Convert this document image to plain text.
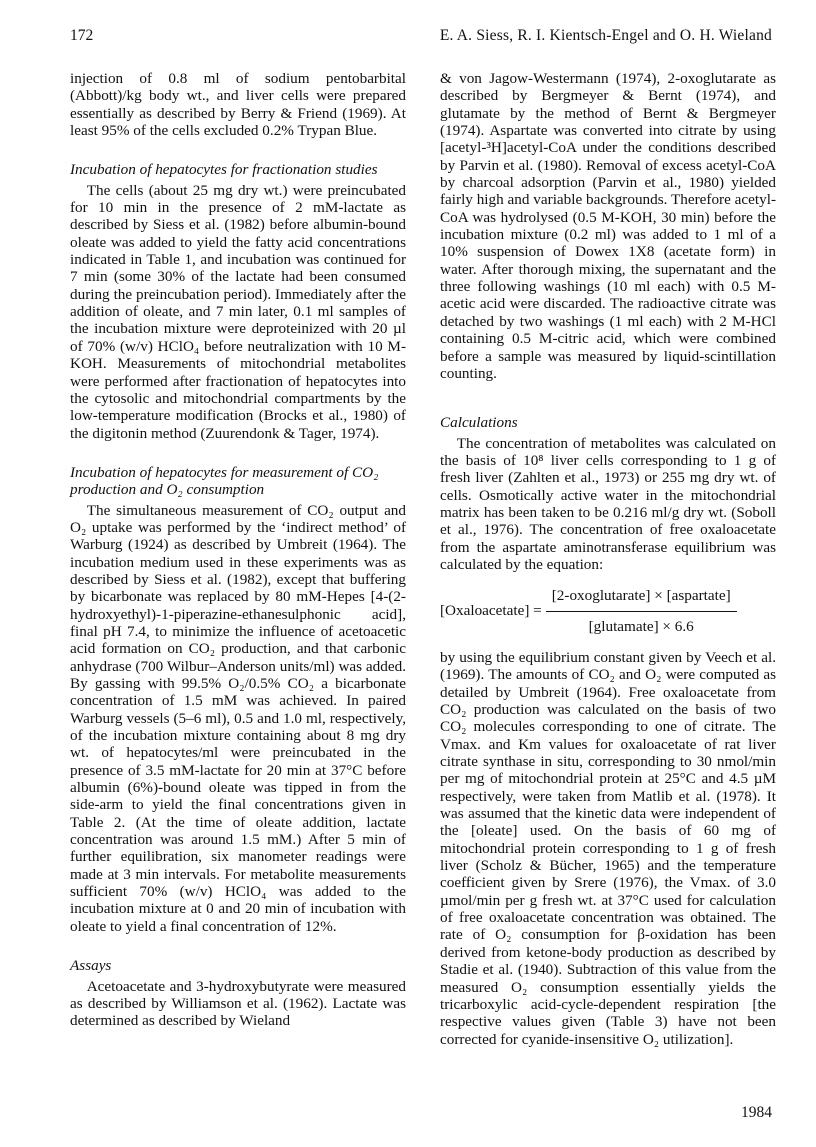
172	E. A. Siess, R. I. Kientsch-Engel and O. H. Wieland

injection of 0.8 ml of sodium pentobarbital (Abbott)/kg body wt., and liver cells were prepared essentially as described by Berry & Friend (1969). At least 95% of the cells excluded 0.2% Trypan Blue.

Incubation of hepatocytes for fractionation studies

The cells (about 25 mg dry wt.) were preincubated for 10 min in the presence of 2 mM-lactate as described by Siess et al. (1982) before albumin-bound oleate was added to yield the fatty acid concentrations indicated in Table 1, and incubation was continued for 7 min (some 30% of the lactate had been consumed during the preincubation period). Immediately after the addition of oleate, and 7 min later, 0.1 ml samples of the incubation mixture were deproteinized with 20 µl of 70% (w/v) HClO₄ before neutralization with 10 M-KOH. Measurements of mitochondrial metabolites were performed after fractionation of hepatocytes into the cytosolic and mitochondrial compartments by the low-temperature modification (Brocks et al., 1980) of the digitonin method (Zuurendonk & Tager, 1974).

Incubation of hepatocytes for measurement of CO₂ production and O₂ consumption

The simultaneous measurement of CO₂ output and O₂ uptake was performed by the ‘indirect method’ of Warburg (1924) as described by Umbreit (1964). The incubation medium used in these experiments was as described by Siess et al. (1982), except that buffering by bicarbonate was replaced by 80 mM-Hepes [4-(2-hydroxyethyl)-1-piperazine-ethanesulphonic acid], final pH 7.4, to minimize the influence of acetoacetic acid formation on CO₂ production, and that carbonic anhydrase (700 Wilbur–Anderson units/ml) was added. By gassing with 99.5% O₂/0.5% CO₂ a bicarbonate concentration of 1.5 mM was achieved. In paired Warburg vessels (5–6 ml), 0.5 and 1.0 ml, respectively, of the incubation mixture containing about 8 mg dry wt. of hepatocytes/ml were preincubated in the presence of 3.5 mM-lactate for 20 min at 37°C before albumin (6%)-bound oleate was tipped in from the side-arm to yield the final concentrations given in Table 2. (At the time of oleate addition, lactate concentration was around 1.5 mM.) After 5 min of further equilibration, six manometer readings were made at 3 min intervals. For metabolite measurements sufficient 70% (w/v) HClO₄ was added to the incubation mixture at 0 and 20 min of incubation with oleate to yield a final concentration of 12%.

Assays

Acetoacetate and 3-hydroxybutyrate were measured as described by Williamson et al. (1962). Lactate was determined as described by Wieland

& von Jagow-Westermann (1974), 2-oxoglutarate as described by Bergmeyer & Bernt (1974), and glutamate by the method of Bernt & Bergmeyer (1974). Aspartate was converted into citrate by using [acetyl-³H]acetyl-CoA under the conditions described by Parvin et al. (1980). Removal of excess acetyl-CoA by charcoal adsorption (Parvin et al., 1980) yielded fairly high and variable backgrounds. Therefore acetyl-CoA was hydrolysed (0.5 M-KOH, 30 min) before the incubation mixture (0.2 ml) was added to 1 ml of a 10% suspension of Dowex 1X8 (acetate form) in water. After thorough mixing, the supernatant and the three following washings (10 ml each) with 0.5 M-acetic acid were discarded. The radioactive citrate was detached by two washings (1 ml each) with 2 M-HCl containing 0.5 M-citric acid, which were combined before a sample was measured by liquid-scintillation counting.

Calculations

The concentration of metabolites was calculated on the basis of 10⁸ liver cells corresponding to 1 g of fresh liver (Zahlten et al., 1973) or 255 mg dry wt. of cells. Osmotically active water in the mitochondrial matrix has been taken to be 0.216 ml/g dry wt. (Soboll et al., 1976). The concentration of free oxaloacetate from the aspartate aminotransferase equilibrium was calculated by the equation:

[Oxaloacetate] = $\frac{\text{[2-oxoglutarate] × [aspartate]}}{\text{[glutamate] × 6.6}}$

by using the equilibrium constant given by Veech et al. (1969). The amounts of CO₂ and O₂ were computed as detailed by Umbreit (1964). Free oxaloacetate from CO₂ production was calculated on the basis of two CO₂ molecules corresponding to one of citrate. The Vmax. and Km values for oxaloacetate of rat liver citrate synthase in situ, corresponding to 30 nmol/min per mg of mitochondrial protein at 25°C and 4.5 µM respectively, were taken from Matlib et al. (1978). It was assumed that the kinetic data were independent of the [oleate] used. On the basis of 60 mg of mitochondrial protein corresponding to 1 g of fresh liver (Scholz & Bücher, 1965) and the temperature coefficient given by Srere (1976), the Vmax. of 3.0 µmol/min per g fresh wt. at 37°C used for calculation of free oxaloacetate concentration was obtained. The rate of O₂ consumption for β-oxidation has been derived from ketone-body production as described by Stadie et al. (1940). Subtraction of this value from the measured O₂ consumption essentially yields the tricarboxylic acid-cycle-dependent respiration [the respective values given (Table 3) have not been corrected for cyanide-insensitive O₂ utilization].

1984
